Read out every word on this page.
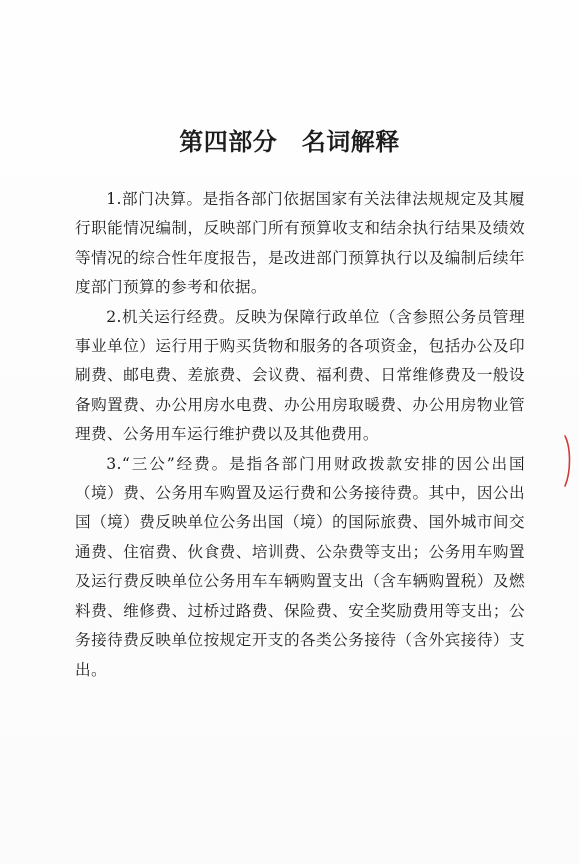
第四部分　名词解释

1.部门决算。是指各部门依据国家有关法律法规规定及其履行职能情况编制，反映部门所有预算收支和结余执行结果及绩效等情况的综合性年度报告，是改进部门预算执行以及编制后续年度部门预算的参考和依据。

2.机关运行经费。反映为保障行政单位（含参照公务员管理事业单位）运行用于购买货物和服务的各项资金，包括办公及印刷费、邮电费、差旅费、会议费、福利费、日常维修费及一般设备购置费、办公用房水电费、办公用房取暖费、办公用房物业管理费、公务用车运行维护费以及其他费用。

3.“三公”经费。是指各部门用财政拨款安排的因公出国（境）费、公务用车购置及运行费和公务接待费。其中，因公出国（境）费反映单位公务出国（境）的国际旅费、国外城市间交通费、住宿费、伙食费、培训费、公杂费等支出；公务用车购置及运行费反映单位公务用车车辆购置支出（含车辆购置税）及燃料费、维修费、过桥过路费、保险费、安全奖励费用等支出；公务接待费反映单位按规定开支的各类公务接待（含外宾接待）支出。
